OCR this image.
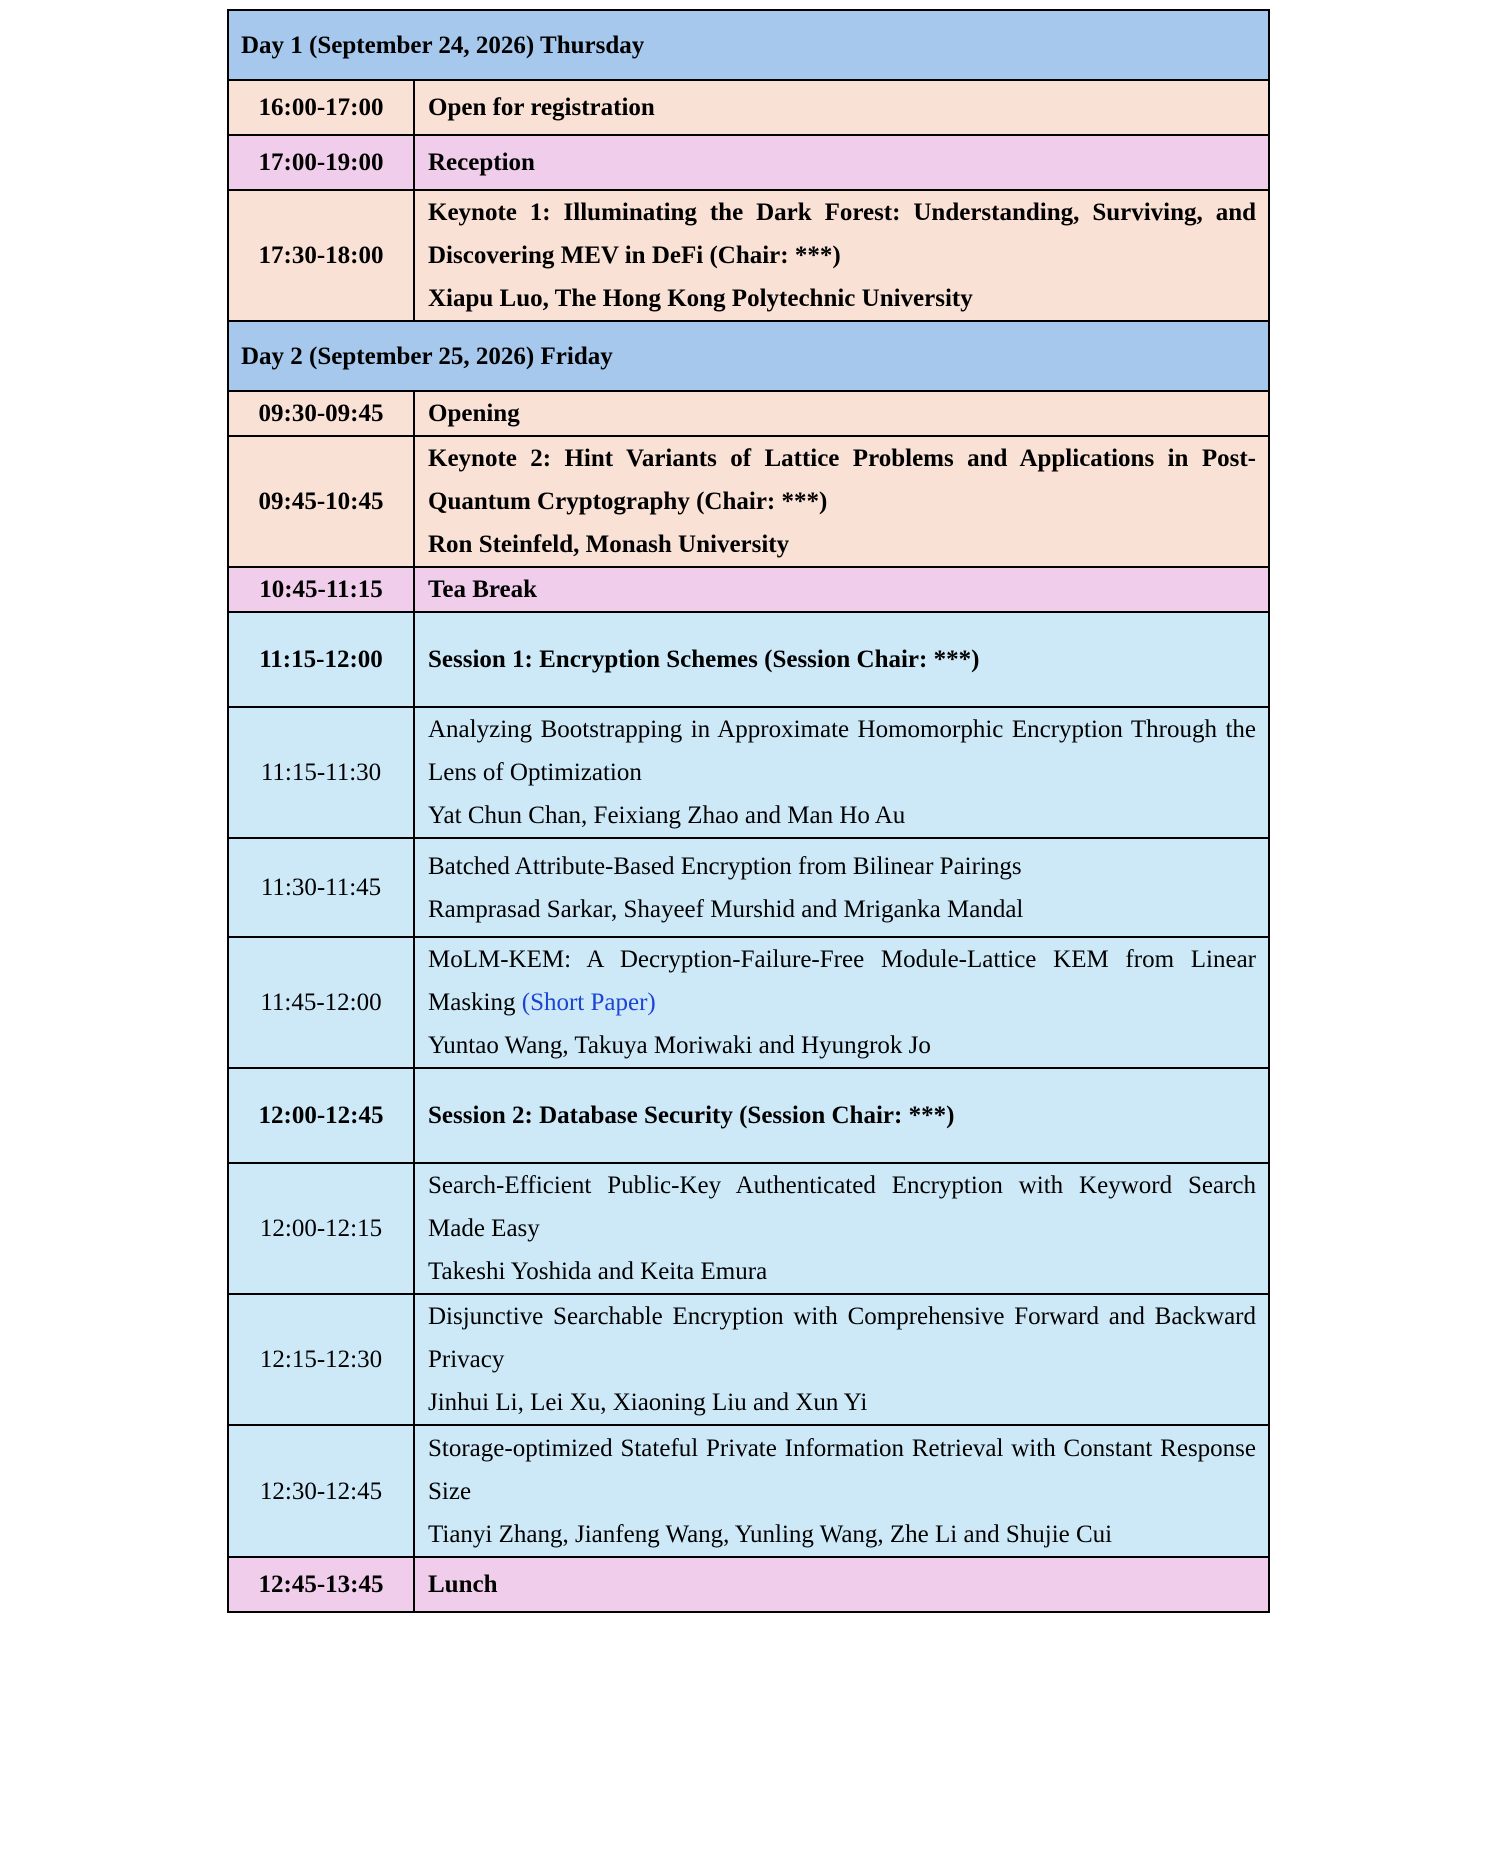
Day 1 (September 24, 2026) Thursday	
16:00-17:00	Open for registration
17:00-19:00	Reception
17:30-18:00	Keynote 1: Illuminating the Dark Forest: Understanding, Surviving, and Discovering MEV in DeFi (Chair: ***)
Xiapu Luo, The Hong Kong Polytechnic University

Day 2 (September 25, 2026) Friday	
09:30-09:45	Opening
09:45-10:45	Keynote 2: Hint Variants of Lattice Problems and Applications in Post-Quantum Cryptography (Chair: ***)
Ron Steinfeld, Monash University

10:45-11:15	Tea Break
11:15-12:00	Session 1: Encryption Schemes (Session Chair: ***)
11:15-11:30	Analyzing Bootstrapping in Approximate Homomorphic Encryption Through the Lens of Optimization
Yat Chun Chan, Feixiang Zhao and Man Ho Au

11:30-11:45	Batched Attribute-Based Encryption from Bilinear Pairings
Ramprasad Sarkar, Shayeef Murshid and Mriganka Mandal

11:45-12:00	MoLM-KEM: A Decryption-Failure-Free Module-Lattice KEM from Linear Masking (Short Paper)
Yuntao Wang, Takuya Moriwaki and Hyungrok Jo

12:00-12:45	Session 2: Database Security (Session Chair: ***)
12:00-12:15	Search-Efficient Public-Key Authenticated Encryption with Keyword Search Made Easy
Takeshi Yoshida and Keita Emura

12:15-12:30	Disjunctive Searchable Encryption with Comprehensive Forward and Backward Privacy
Jinhui Li, Lei Xu, Xiaoning Liu and Xun Yi

12:30-12:45	Storage-optimized Stateful Private Information Retrieval with Constant Response Size
Tianyi Zhang, Jianfeng Wang, Yunling Wang, Zhe Li and Shujie Cui

12:45-13:45	Lunch
